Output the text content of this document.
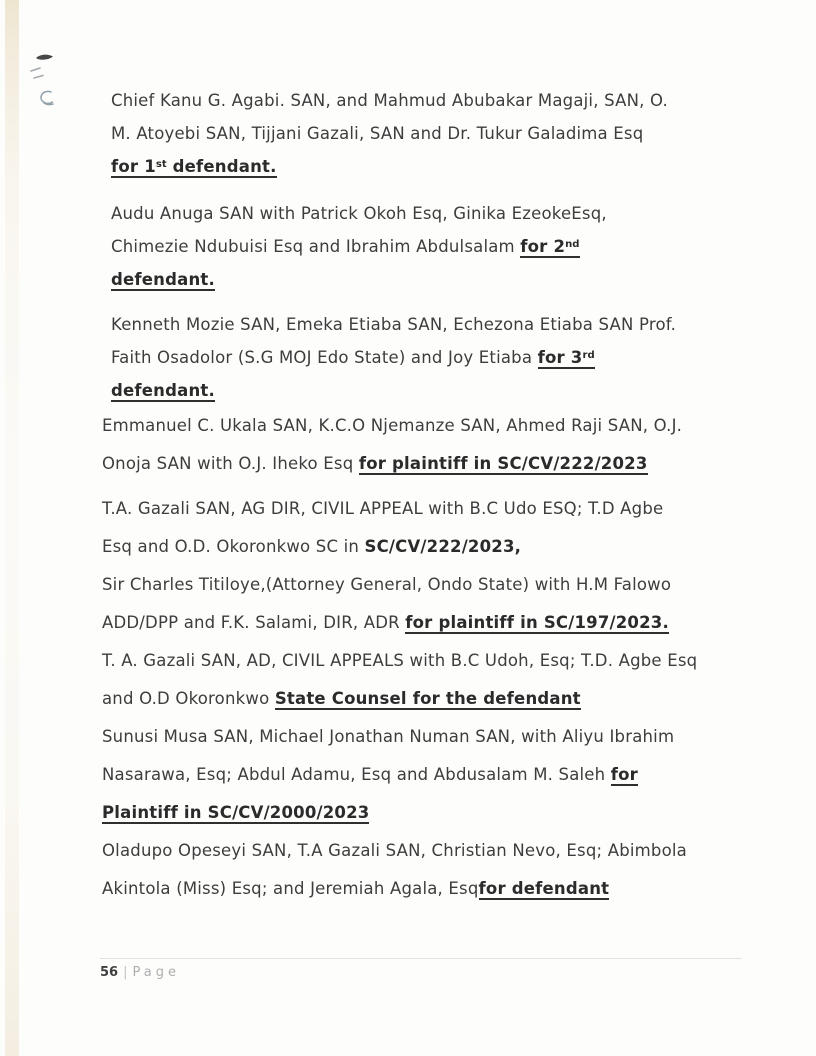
Chief Kanu G. Agabi. SAN, and Mahmud Abubakar Magaji, SAN, O.
M. Atoyebi SAN, Tijjani Gazali, SAN and Dr. Tukur Galadima Esq
for 1st defendant.

Audu Anuga SAN with Patrick Okoh Esq, Ginika EzeokeEsq,
Chimezie Ndubuisi Esq and Ibrahim Abdulsalam for 2nd
defendant.

Kenneth Mozie SAN, Emeka Etiaba SAN, Echezona Etiaba SAN Prof.
Faith Osadolor (S.G MOJ Edo State) and Joy Etiaba for 3rd
defendant.

Emmanuel C. Ukala SAN, K.C.O Njemanze SAN, Ahmed Raji SAN, O.J.
Onoja SAN with O.J. Iheko Esq for plaintiff in SC/CV/222/2023

T.A. Gazali SAN, AG DIR, CIVIL APPEAL with B.C Udo ESQ; T.D Agbe
Esq and O.D. Okoronkwo SC in SC/CV/222/2023,

Sir Charles Titiloye,(Attorney General, Ondo State) with H.M Falowo
ADD/DPP and F.K. Salami, DIR, ADR for plaintiff in SC/197/2023.

T. A. Gazali SAN, AD, CIVIL APPEALS with B.C Udoh, Esq; T.D. Agbe Esq
and O.D Okoronkwo State Counsel for the defendant

Sunusi Musa SAN, Michael Jonathan Numan SAN, with Aliyu Ibrahim
Nasarawa, Esq; Abdul Adamu, Esq and Abdusalam M. Saleh for
Plaintiff in SC/CV/2000/2023

Oladupo Opeseyi SAN, T.A Gazali SAN, Christian Nevo, Esq; Abimbola
Akintola (Miss) Esq; and Jeremiah Agala, Esqfor defendant

56 | Page
